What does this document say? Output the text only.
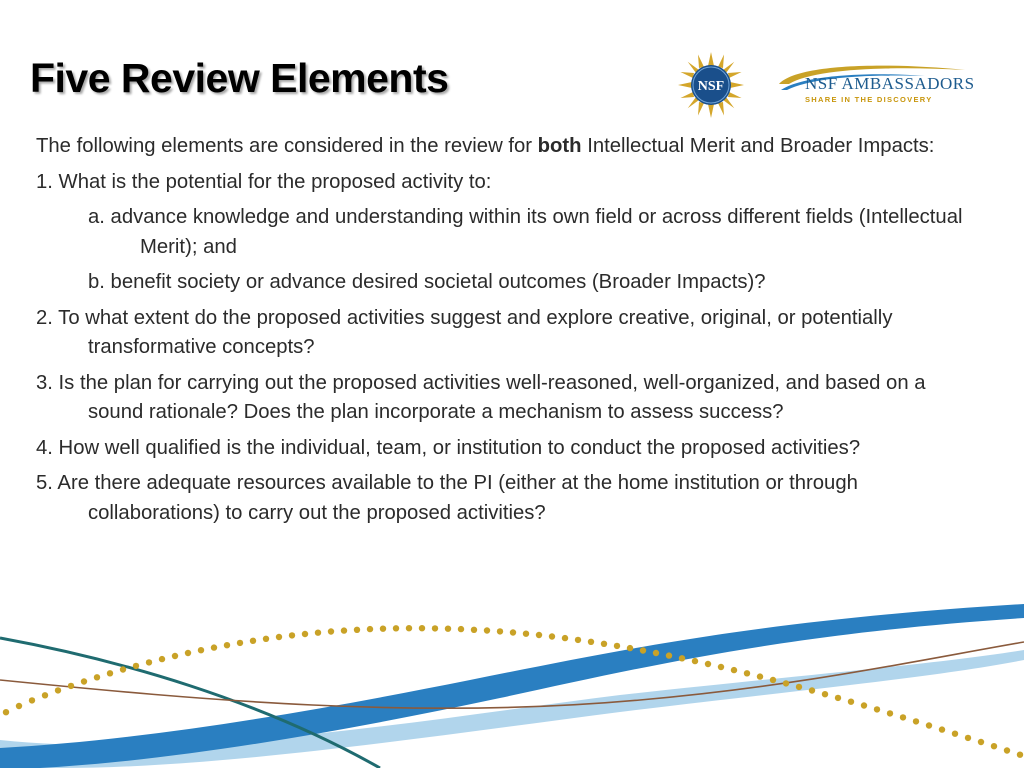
Five Review Elements	NSF	NSF AMBASSADORS
SHARE IN THE DISCOVERY

The following elements are considered in the review for both Intellectual Merit and Broader Impacts:

1. What is the potential for the proposed activity to:

a. advance knowledge and understanding within its own field or across different fields (Intellectual Merit); and

b. benefit society or advance desired societal outcomes (Broader Impacts)?

2. To what extent do the proposed activities suggest and explore creative, original, or potentially transformative concepts?

3. Is the plan for carrying out the proposed activities well-reasoned, well-organized, and based on a sound rationale? Does the plan incorporate a mechanism to assess success?

4. How well qualified is the individual, team, or institution to conduct the proposed activities?

5. Are there adequate resources available to the PI (either at the home institution or through collaborations) to carry out the proposed activities?
